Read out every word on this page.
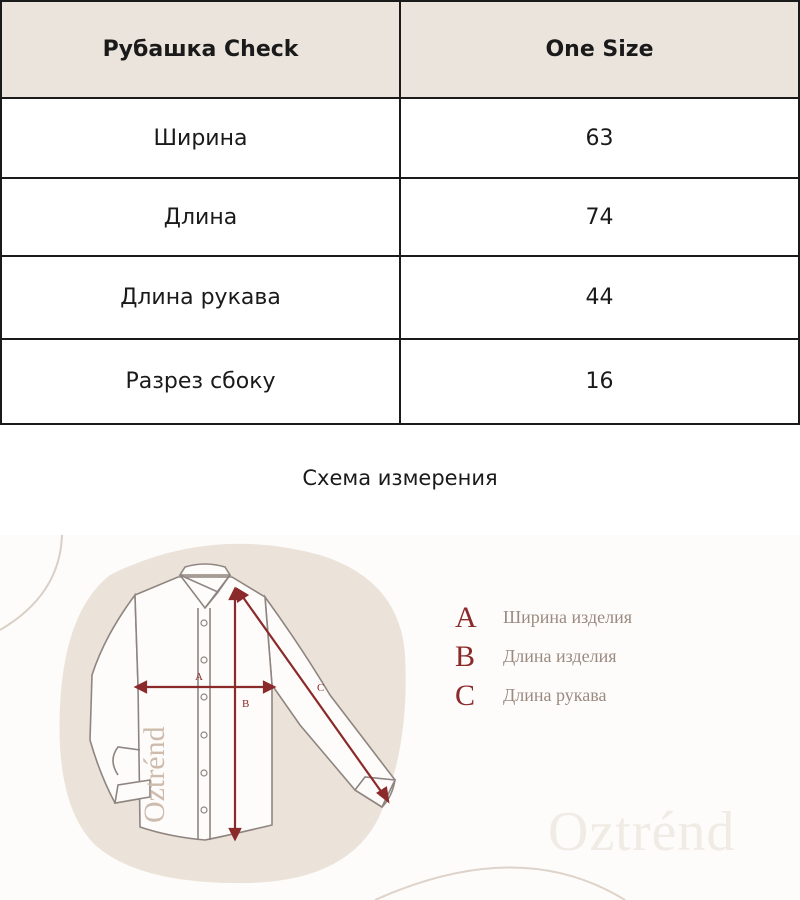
Рубашка Check	One Size
Ширина	63
Длина	74
Длина рукава	44
Разрез сбоку	16
Схема измерения
A
B
C
Oztrénd
A	Ширина изделия
B	Длина изделия
C	Длина рукава
Oztrénd
